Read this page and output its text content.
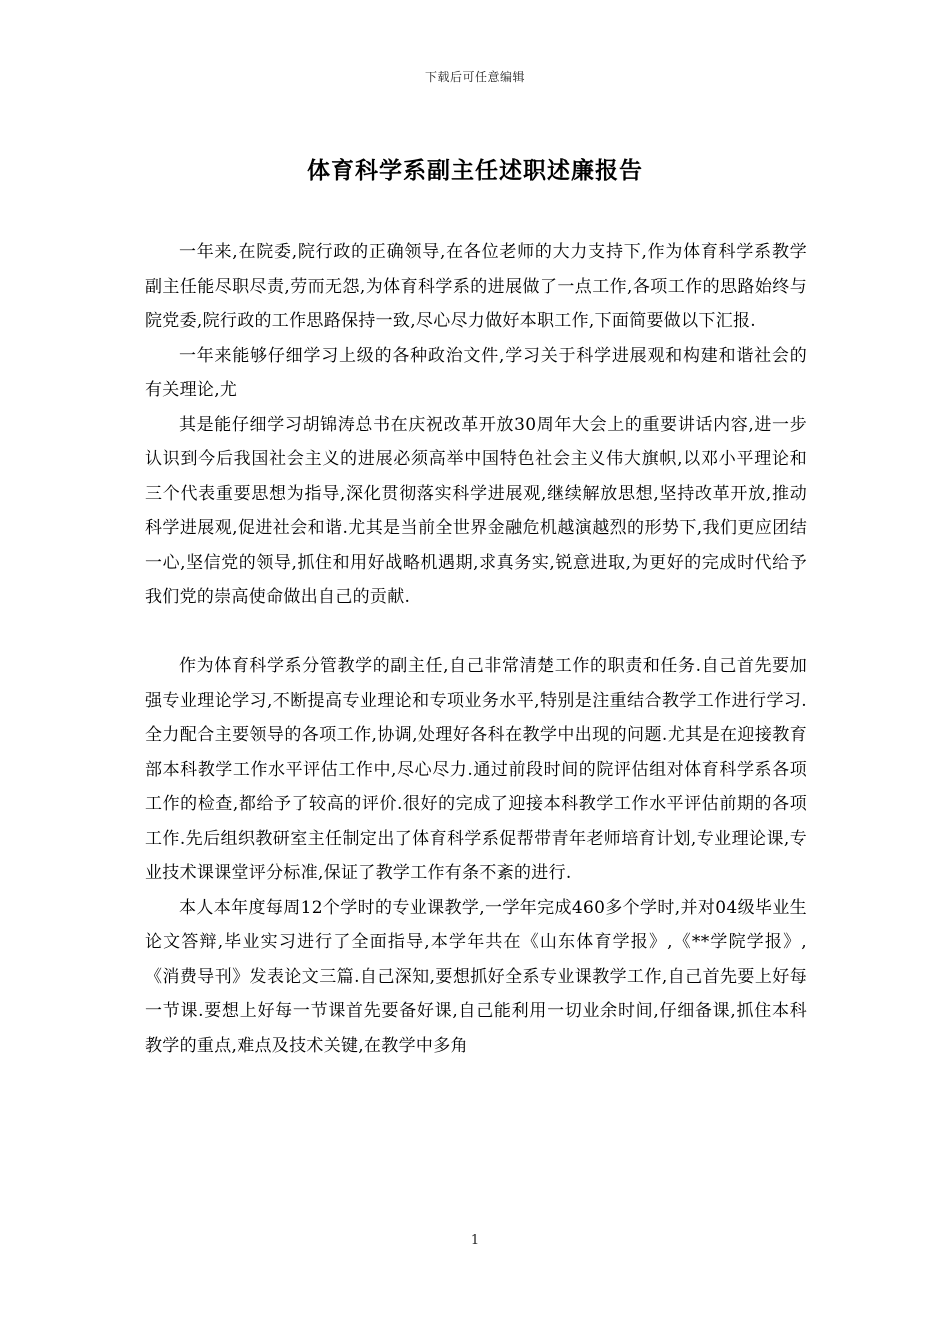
下载后可任意编辑
体育科学系副主任述职述廉报告

一年来,在院委,院行政的正确领导,在各位老师的大力支持下,作为体育科学系教学副主任能尽职尽责,劳而无怨,为体育科学系的进展做了一点工作,各项工作的思路始终与院党委,院行政的工作思路保持一致,尽心尽力做好本职工作,下面简要做以下汇报.

一年来能够仔细学习上级的各种政治文件,学习关于科学进展观和构建和谐社会的有关理论,尤

其是能仔细学习胡锦涛总书在庆祝改革开放30周年大会上的重要讲话内容,进一步认识到今后我国社会主义的进展必须高举中国特色社会主义伟大旗帜,以邓小平理论和三个代表重要思想为指导,深化贯彻落实科学进展观,继续解放思想,坚持改革开放,推动科学进展观,促进社会和谐.尤其是当前全世界金融危机越演越烈的形势下,我们更应团结一心,坚信党的领导,抓住和用好战略机遇期,求真务实,锐意进取,为更好的完成时代给予我们党的崇高使命做出自己的贡献.

作为体育科学系分管教学的副主任,自己非常清楚工作的职责和任务.自己首先要加强专业理论学习,不断提高专业理论和专项业务水平,特别是注重结合教学工作进行学习.全力配合主要领导的各项工作,协调,处理好各科在教学中出现的问题.尤其是在迎接教育部本科教学工作水平评估工作中,尽心尽力.通过前段时间的院评估组对体育科学系各项工作的检查,都给予了较高的评价.很好的完成了迎接本科教学工作水平评估前期的各项工作.先后组织教研室主任制定出了体育科学系促帮带青年老师培育计划,专业理论课,专业技术课课堂评分标准,保证了教学工作有条不紊的进行.

本人本年度每周12个学时的专业课教学,一学年完成460多个学时,并对04级毕业生论文答辩,毕业实习进行了全面指导,本学年共在《山东体育学报》,《**学院学报》,《消费导刊》发表论文三篇.自己深知,要想抓好全系专业课教学工作,自己首先要上好每一节课.要想上好每一节课首先要备好课,自己能利用一切业余时间,仔细备课,抓住本科教学的重点,难点及技术关键,在教学中多角

1
